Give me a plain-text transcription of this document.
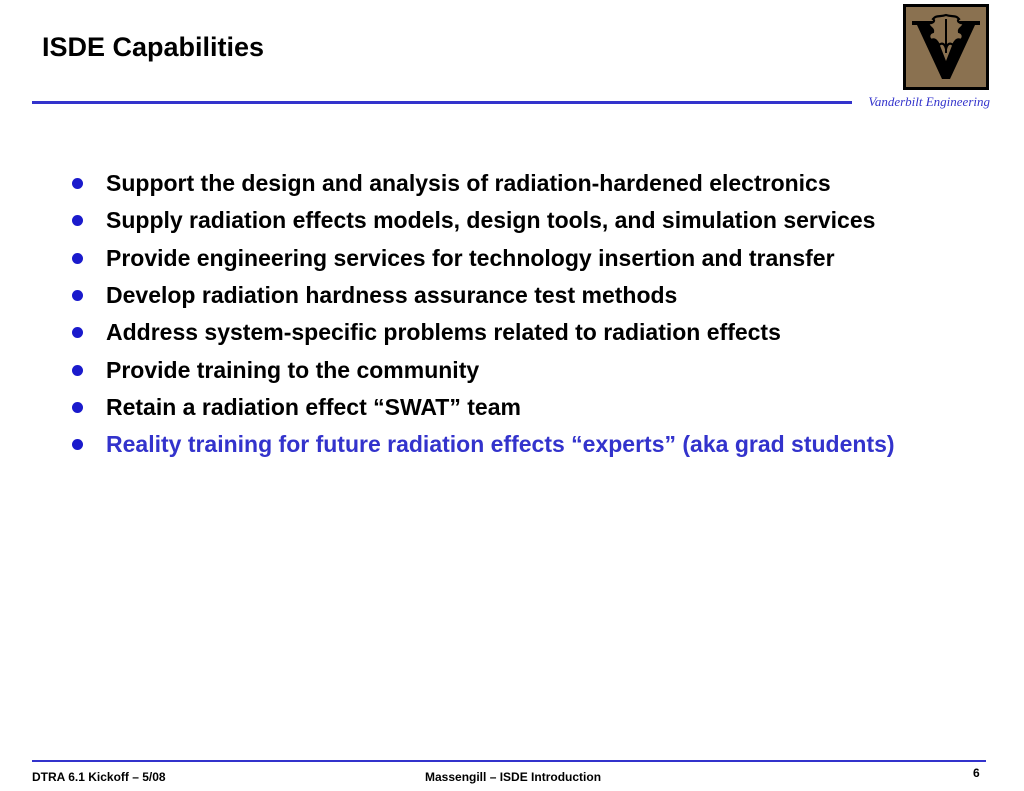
ISDE Capabilities
Vanderbilt Engineering
Support the design and analysis of radiation-hardened electronics
Supply radiation effects models, design tools, and simulation services
Provide engineering services for technology insertion and transfer
Develop radiation hardness assurance test methods
Address system-specific problems related to radiation effects
Provide training to the community
Retain a radiation effect “SWAT” team
Reality training for future radiation effects “experts” (aka grad students)
DTRA 6.1 Kickoff – 5/08	Massengill – ISDE Introduction	6
